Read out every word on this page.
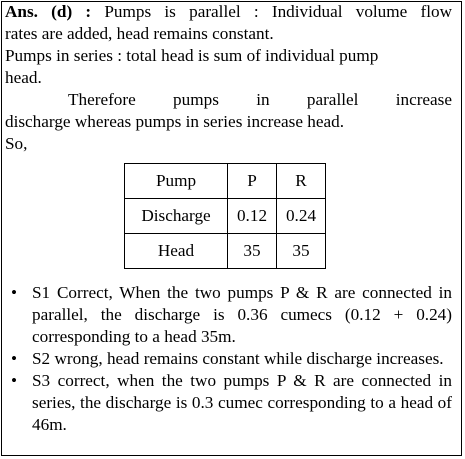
Ans. (d) : Pumps is parallel : Individual volume flow

rates are added, head remains constant.

Pumps in series : total head is sum of individual pump

head.

Therefore pumps in parallel increase

discharge whereas pumps in series increase head.

So,

Pump	P	R
Discharge	0.12	0.24
Head	35	35
• S1 Correct, When the two pumps P & R are connected in parallel, the discharge is 0.36 cumecs (0.12 + 0.24) corresponding to a head 35m.
• S2 wrong, head remains constant while discharge increases.
• S3 correct, when the two pumps P & R are connected in series, the discharge is 0.3 cumec corresponding to a head of 46m.
